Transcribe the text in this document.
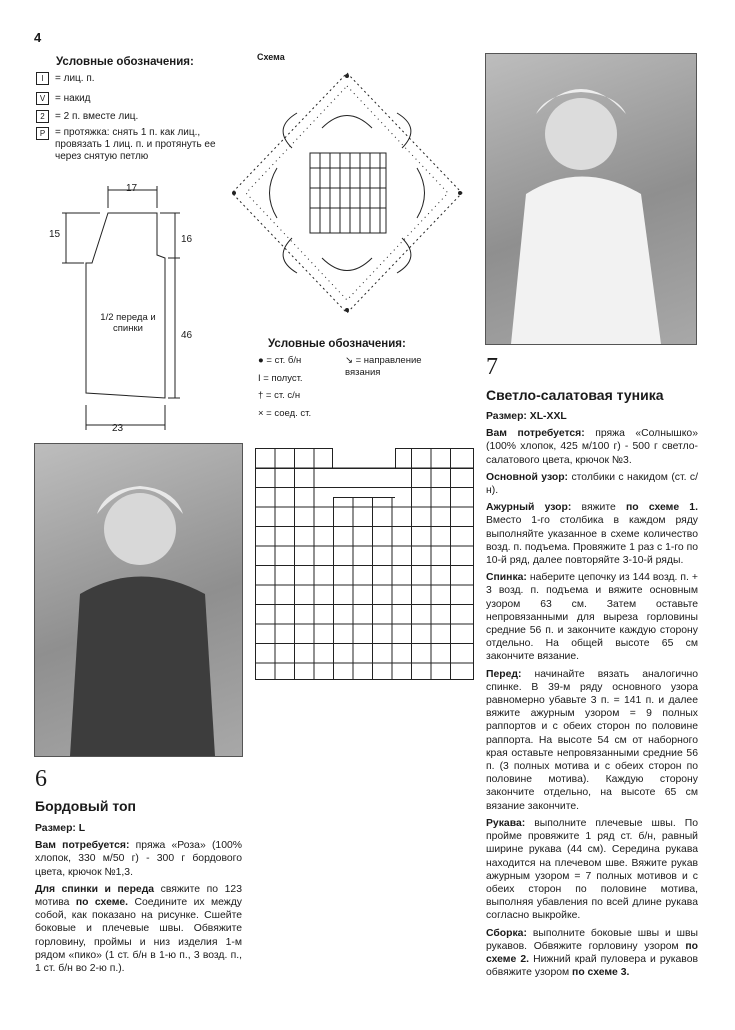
4
Условные обозначения:
I = лиц. п.
V = накид
2 = 2 п. вместе лиц.
P = протяжка: снять 1 п. как лиц., провязать 1 лиц. п. и протянуть ее через снятую петлю
17
15	16
46
23
1/2 переда и спинки
Схема
Условные обозначения:
● = ст. б/н
I = полуст.
† = ст. с/н
× = соед. ст.
↘ = направление вязания	7
Светло-салатовая туника

Размер: XL-XXL

Вам потребуется: пряжа «Солнышко» (100% хлопок, 425 м/100 г) - 500 г светло-салатового цвета, крючок №3.

Основной узор: столбики с накидом (ст. с/н).

Ажурный узор: вяжите по схеме 1. Вместо 1-го столбика в каждом ряду выполняйте указанное в схеме количество возд. п. подъема. Провяжите 1 раз с 1-го по 10-й ряд, далее повторяйте 3-10-й ряды.

Спинка: наберите цепочку из 144 возд. п. + 3 возд. п. подъема и вяжите основным узором 63 см. Затем оставьте непровязанными для выреза горловины средние 56 п. и закончите каждую сторону отдельно. На общей высоте 65 см закончите вязание.

Перед: начинайте вязать аналогично спинке. В 39-м ряду основного узора равномерно убавьте 3 п. = 141 п. и далее вяжите ажурным узором = 9 полных раппортов и с обеих сторон по половине раппорта. На высоте 54 см от наборного края оставьте непровязанными средние 56 п. (3 полных мотива и с обеих сторон по половине мотива). Каждую сторону закончите отдельно, на высоте 65 см вязание закончите.

Рукава: выполните плечевые швы. По пройме провяжите 1 ряд ст. б/н, равный ширине рукава (44 см). Середина рукава находится на плечевом шве. Вяжите рукав ажурным узором = 7 полных мотивов и с обеих сторон по половине мотива, выполняя убавления по всей длине рукава согласно выкройке.

Сборка: выполните боковые швы и швы рукавов. Обвяжите горловину узором по схеме 2. Нижний край пуловера и рукавов обвяжите узором по схеме 3.

6
Бордовый топ

Размер: L

Вам потребуется: пряжа «Роза» (100% хлопок, 330 м/50 г) - 300 г бордового цвета, крючок №1,3.

Для спинки и переда свяжите по 123 мотива по схеме. Соедините их между собой, как показано на рисунке. Сшейте боковые и плечевые швы. Обвяжите горловину, проймы и низ изделия 1-м рядом «пико» (1 ст. б/н в 1-ю п., 3 возд. п., 1 ст. б/н во 2-ю п.).
